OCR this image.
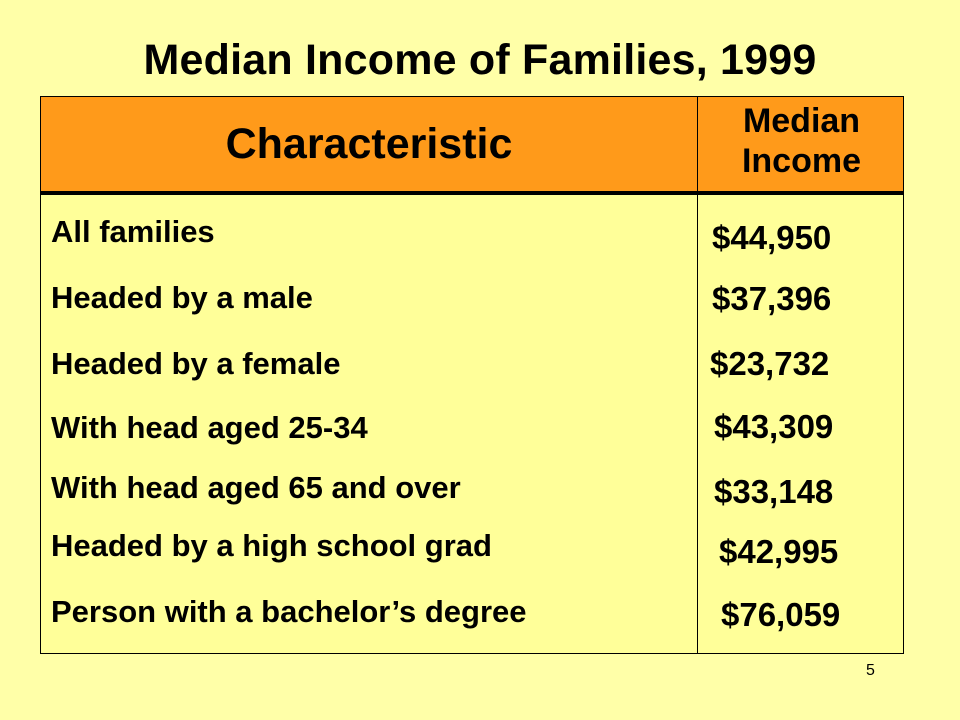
Median Income of Families, 1999
Characteristic	Median
Income
All families
Headed by a male
Headed by a female
With head aged 25-34
With head aged 65 and over
Headed by a high school grad
Person with a bachelor’s degree
$44,950
$37,396
$23,732
$43,309
$33,148
$42,995
$76,059
5
